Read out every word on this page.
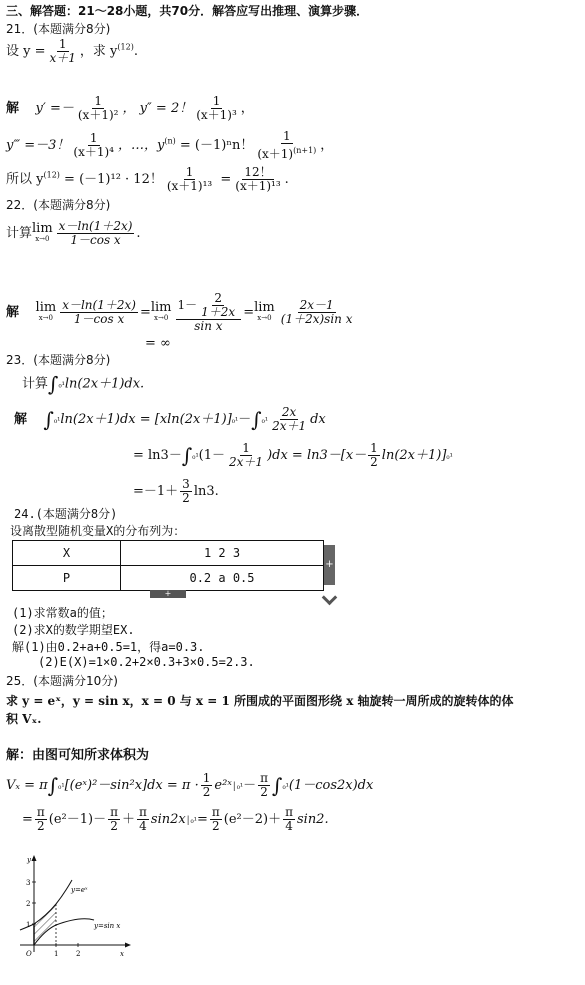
三、解答题：21～28小题，共70分．解答应写出推理、演算步骤．
21．(本题满分8分)
设 $y = \frac{1}{x+1}$ ，求 $y^{(12)}$.
解 $y' =- \frac{1}{\text{(x＋1)²}}$ ， y″ = 2！ $\frac{1}{\text{(x＋1)³}}$ ，
y‴ =－3！ $\frac{1}{\text{(x＋1)⁴}}$ ，…，$y^{(n)} = (-1)^nn$！ $\frac{1}{(x+1)^{(n+1)}}$ ，
所以 $y^{(12)} = (-1)^{12} \cdot 12$！ $\frac{1}{\text{(x＋1)¹³}} = \frac{12!}{\text{(x＋1)¹³}}$ .
22．(本题满分8分)
计算 lim
$x\to 0 \frac{x-\ln(1+2x)}{\text{1－cos x}}$ .
解 lim
$x\to 0 \frac{x-\ln(1+2x)}{\text{1－cos x}} = \lim$
$x\to 0 \frac{1- \frac{2}{1+2x}}{\text{sin x}} = \lim$
$x\to 0 \frac{2x-1}{\text{(1＋2x)sin x}}$
= ∞
23．(本题满分8分)
计算∫₀¹ln(2x＋1)dx.
解 $\int_0^1\ln(2x+1)dx = [xln(2x+1)]_0^1-\int_0^1 \frac{2x}{2x+1}$ dx
= $\ln 3-\int_0^1(1- \frac{1}{2x+1} )dx = \ln 3-[x- \frac{1}{2} \ln(2x+1)]_0^1$
$=-1+ \frac{3}{2} \ln 3$.
24.(本题满分8分)
设离散型随机变量X的分布列为：
X	1 2 3
P	0.2 a 0.5
+
+
(1)求常数a的值；
(2)求X的数学期望EX.
解(1)由0.2+a+0.5=1，得a=0.3.
(2)E(X)=1×0.2+2×0.3+3×0.5=2.3.
25．(本题满分10分)
求 y = eˣ，y = sin x，x = 0 与 x = 1 所围成的平面图形绕 x 轴旋转一周所成的旋转体的体
积 Vₓ.
解：由图可知所求体积为
Vₓ = π∫₀¹[(eˣ)²－sin²x]dx = $\pi \cdot \frac{1}{2}$ e²ˣ│₀¹－ $\frac{\pi}{2} \int_0^1(1-\cos 2x)dx$
= $\frac{\pi}{2} (e^2-1)- \frac{\pi}{2} + \frac{\pi}{4}$ sin2x│₀¹= $\frac{\pi}{2} (e^2-2)+ \frac{\pi}{4} \sin 2$.
y
x
O
3
2
1
1	2
y=eˣ
y=sin x
